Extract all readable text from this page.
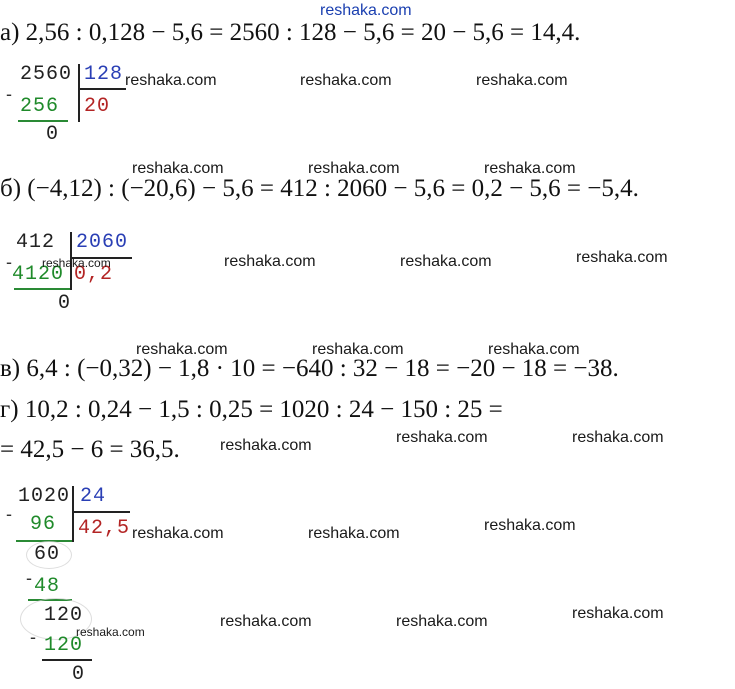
reshaka.com
а) 2,56 : 0,128 − 5,6 = 2560 : 128 − 5,6 = 20 − 5,6 = 14,4.
-
2560 128
20
256
0
reshaka.com	reshaka.com	reshaka.com
reshaka.com	reshaka.com	reshaka.com
б) (−4,12) : (−20,6) − 5,6 = 412 : 2060 − 5,6 = 0,2 − 5,6 = −5,4.
-
412 2060
0,2
4120
reshaka.com
0
reshaka.com	reshaka.com	reshaka.com
reshaka.com	reshaka.com	reshaka.com
в) 6,4 : (−0,32) − 1,8 · 10 = −640 : 32 − 18 = −20 − 18 = −38.
г) 10,2 : 0,24 − 1,5 : 0,25 = 1020 : 24 − 150 : 25 =
= 42,5 − 6 = 36,5.	reshaka.com	reshaka.com	reshaka.com
-
1020 24
42,5
96
60
- 48
120
- 120
reshaka.com
0
reshaka.com	reshaka.com	reshaka.com
reshaka.com	reshaka.com	reshaka.com
